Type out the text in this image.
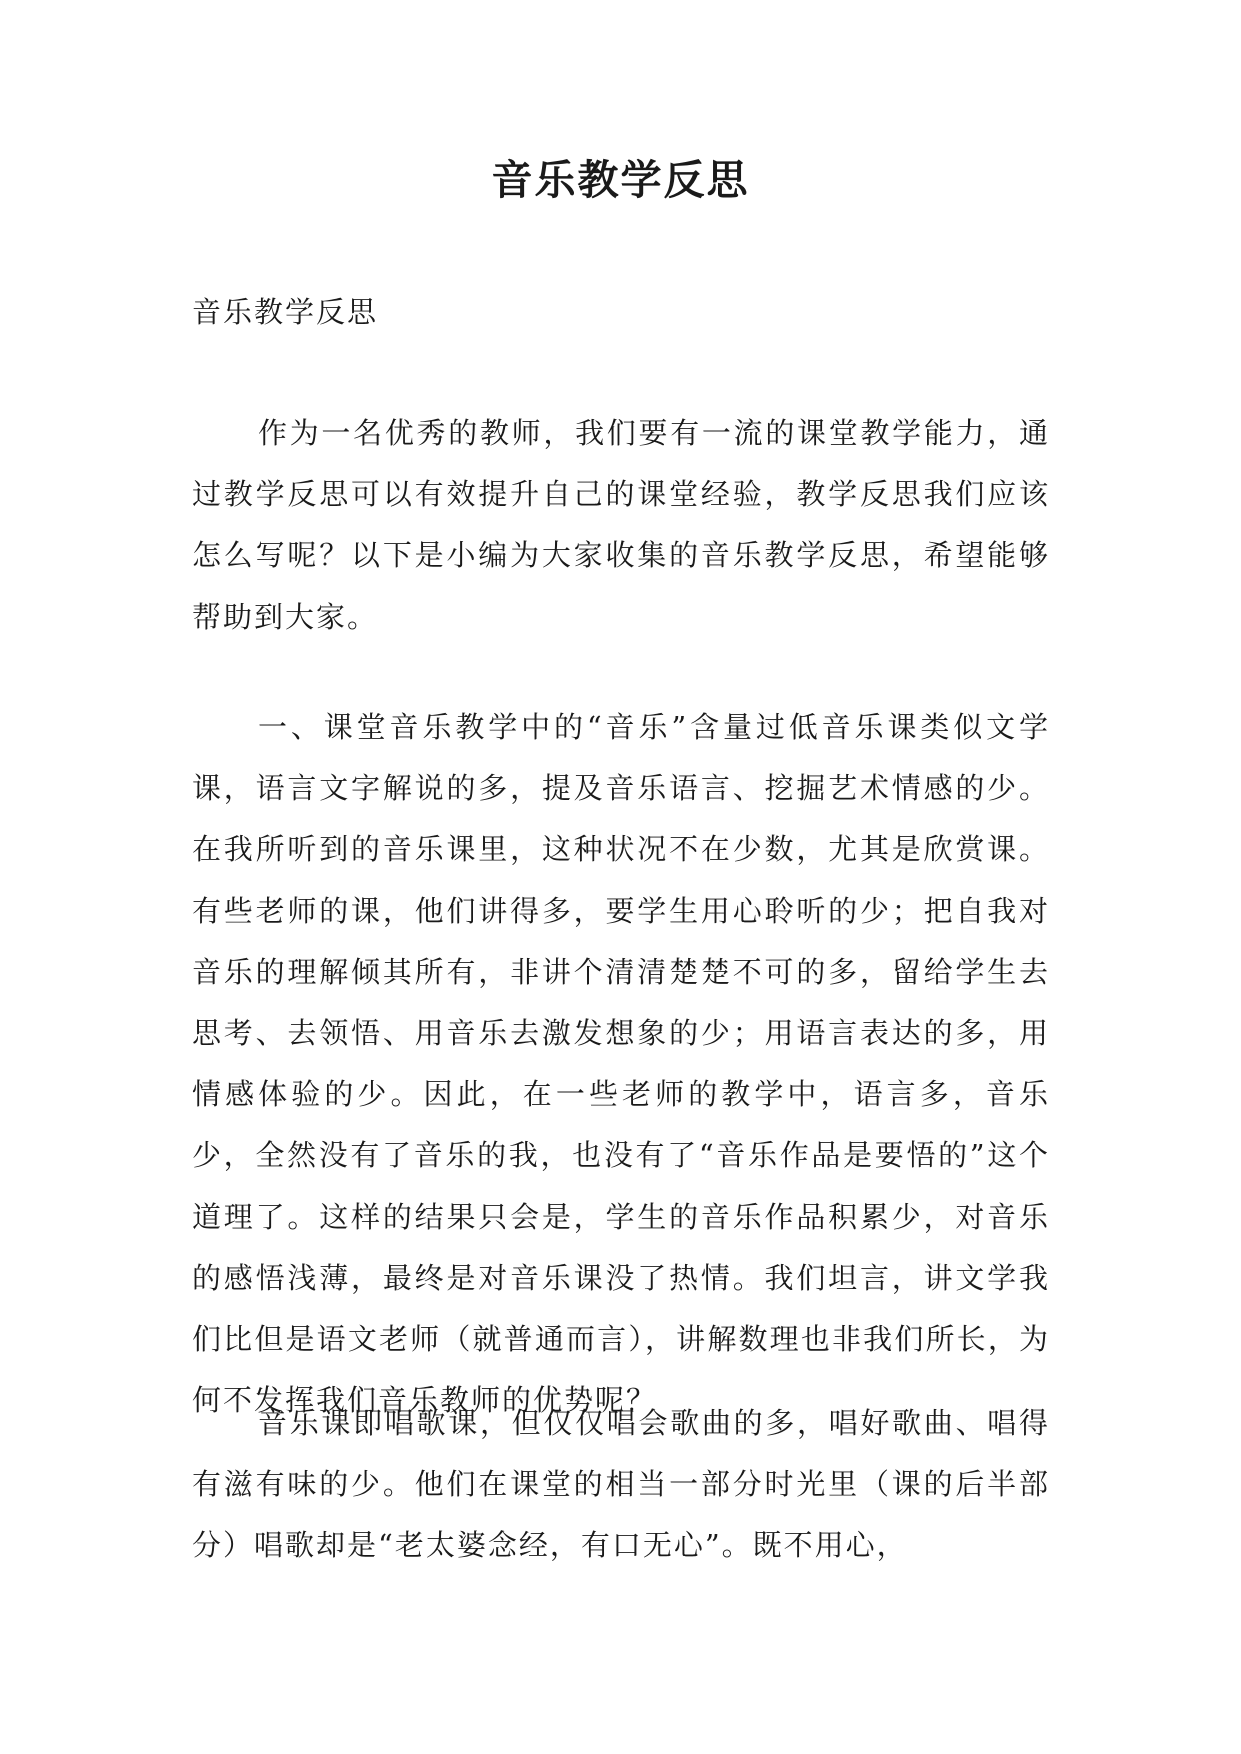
音乐教学反思

音乐教学反思

作为一名优秀的教师，我们要有一流的课堂教学能力，通过教学反思可以有效提升自己的课堂经验，教学反思我们应该怎么写呢？以下是小编为大家收集的音乐教学反思，希望能够帮助到大家。

一、课堂音乐教学中的“音乐”含量过低音乐课类似文学课，语言文字解说的多，提及音乐语言、挖掘艺术情感的少。在我所听到的音乐课里，这种状况不在少数，尤其是欣赏课。有些老师的课，他们讲得多，要学生用心聆听的少；把自我对音乐的理解倾其所有，非讲个清清楚楚不可的多，留给学生去思考、去领悟、用音乐去激发想象的少；用语言表达的多，用情感体验的少。因此，在一些老师的教学中，语言多，音乐少，全然没有了音乐的我，也没有了“音乐作品是要悟的”这个道理了。这样的结果只会是，学生的音乐作品积累少，对音乐的感悟浅薄，最终是对音乐课没了热情。我们坦言，讲文学我们比但是语文老师（就普通而言），讲解数理也非我们所长，为何不发挥我们音乐教师的优势呢？

音乐课即唱歌课，但仅仅唱会歌曲的多，唱好歌曲、唱得有滋有味的少。他们在课堂的相当一部分时光里（课的后半部分）唱歌却是“老太婆念经，有口无心”。既不用心，
